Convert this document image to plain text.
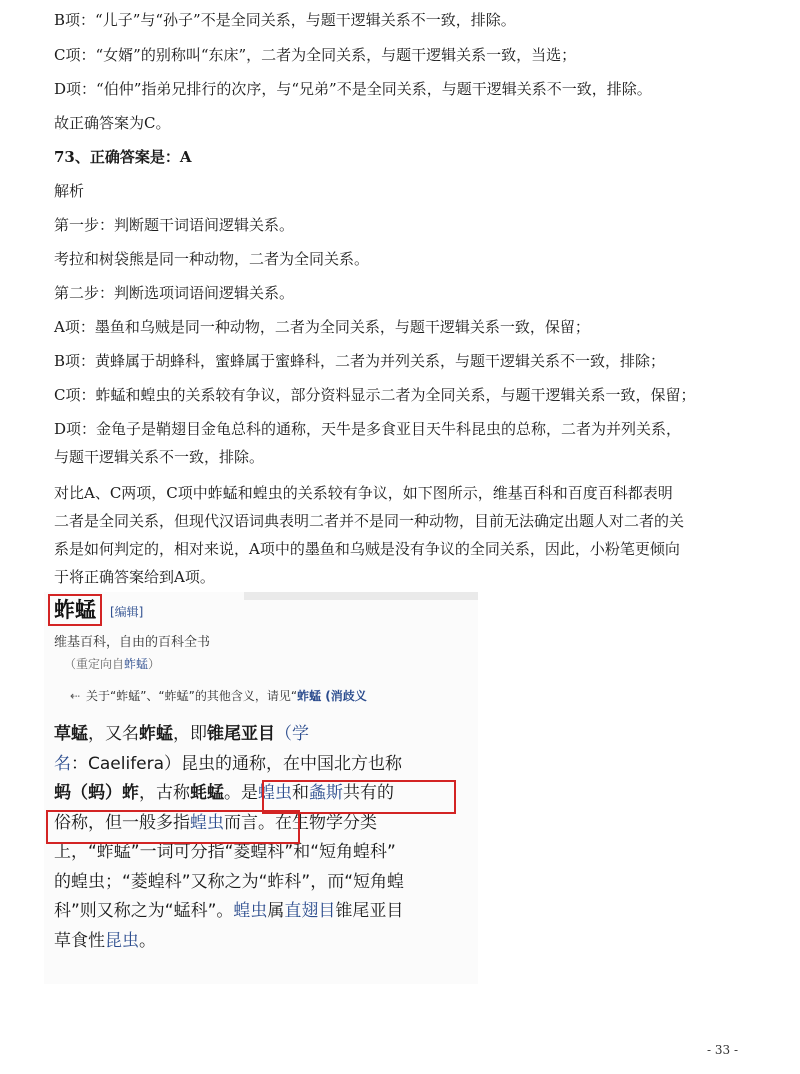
B项：“儿子”与“孙子”不是全同关系，与题干逻辑关系不一致，排除。
C项：“女婿”的别称叫“东床”，二者为全同关系，与题干逻辑关系一致，当选；
D项：“伯仲”指弟兄排行的次序，与“兄弟”不是全同关系，与题干逻辑关系不一致，排除。
故正确答案为C。
73、正确答案是：A
解析
第一步：判断题干词语间逻辑关系。
考拉和树袋熊是同一种动物，二者为全同关系。
第二步：判断选项词语间逻辑关系。
A项：墨鱼和乌贼是同一种动物，二者为全同关系，与题干逻辑关系一致，保留；
B项：黄蜂属于胡蜂科，蜜蜂属于蜜蜂科，二者为并列关系，与题干逻辑关系不一致，排除；
C项：蚱蜢和蝗虫的关系较有争议，部分资料显示二者为全同关系，与题干逻辑关系一致，保留；
D项：金龟子是鞘翅目金龟总科的通称，天牛是多食亚目天牛科昆虫的总称，二者为并列关系，
与题干逻辑关系不一致，排除。
对比A、C两项，C项中蚱蜢和蝗虫的关系较有争议，如下图所示，维基百科和百度百科都表明
二者是全同关系，但现代汉语词典表明二者并不是同一种动物，目前无法确定出题人对二者的关
系是如何判定的，相对来说，A项中的墨鱼和乌贼是没有争议的全同关系，因此，小粉笔更倾向
于将正确答案给到A项。
蚱蜢 [编辑]
维基百科，自由的百科全书
（重定向自蚱蜢）
⇠ 关于“蚱蜢”、“蚱蜢”的其他含义，请见“蚱蜢 (消歧义
草蜢，又名蚱蜢，即锥尾亚目（学
名：Caelifera）昆虫的通称，在中国北方也称
蚂（蚂）蚱，古称蚝蜢。是蝗虫和螽斯共有的
俗称，但一般多指蝗虫而言。在生物学分类
上，“蚱蜢”一词可分指“菱蝗科”和“短角蝗科”
的蝗虫；“菱蝗科”又称之为“蚱科”，而“短角蝗
科”则又称之为“蜢科”。蝗虫属直翅目锥尾亚目
草食性昆虫。
- 33 -
